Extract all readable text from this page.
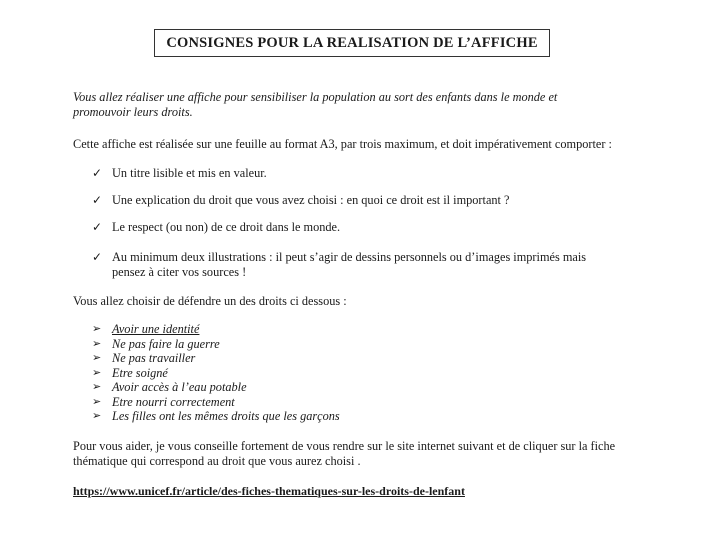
CONSIGNES POUR LA REALISATION DE L’AFFICHE
Vous allez réaliser une affiche pour sensibiliser la population au sort des enfants dans le monde et
promouvoir leurs droits.
Cette affiche est réalisée sur une feuille au format A3, par trois maximum, et doit impérativement comporter :
✓ Un titre lisible et mis en valeur.
✓ Une explication du droit que vous avez choisi : en quoi ce droit est il important ?
✓ Le respect (ou non) de ce droit dans le monde.
✓ Au minimum deux illustrations : il peut s’agir de dessins personnels ou d’images imprimés mais
pensez à citer vos sources !
Vous allez choisir de défendre un des droits ci dessous :
➢ Avoir une identité
➢ Ne pas faire la guerre
➢ Ne pas travailler
➢ Etre soigné
➢ Avoir accès à l’eau potable
➢ Etre nourri correctement
➢ Les filles ont les mêmes droits que les garçons
Pour vous aider, je vous conseille fortement de vous rendre sur le site internet suivant et de cliquer sur la fiche
thématique qui correspond au droit que vous aurez choisi .
https://www.unicef.fr/article/des-fiches-thematiques-sur-les-droits-de-lenfant
